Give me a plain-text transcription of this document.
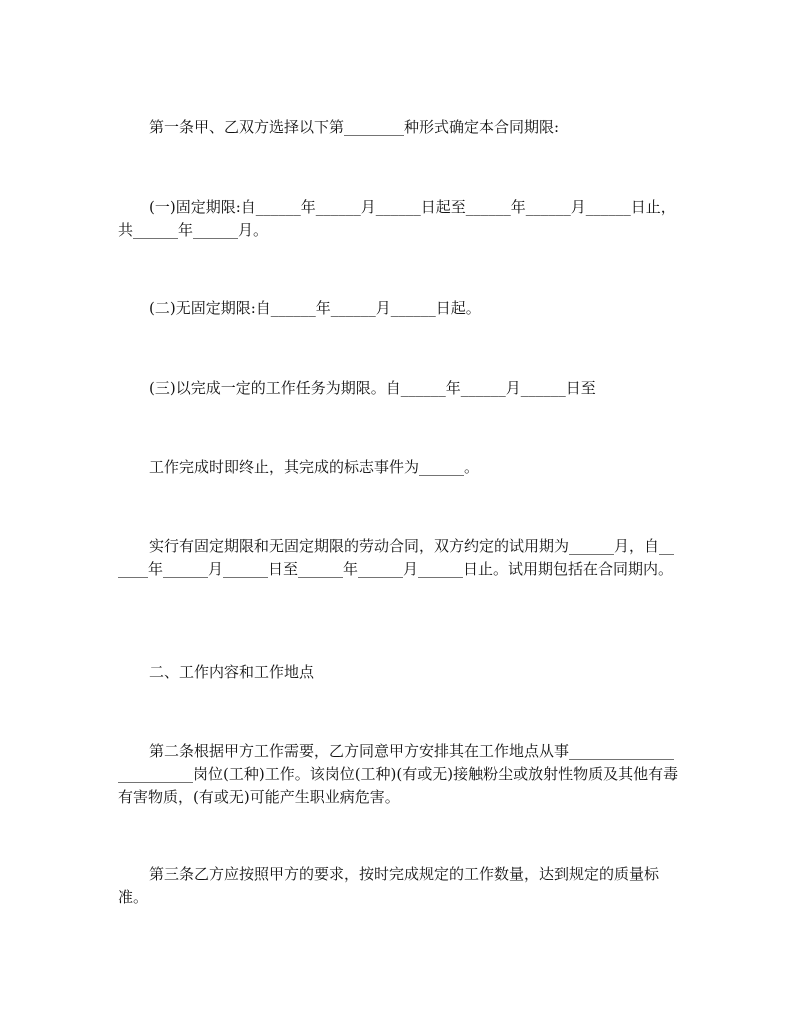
第一条甲、乙双方选择以下第________种形式确定本合同期限:

(一)固定期限:自______年______月______日起至______年______月______日止，共______年______月。

(二)无固定期限:自______年______月______日起。

(三)以完成一定的工作任务为期限。自______年______月______日至

工作完成时即终止，其完成的标志事件为______。

实行有固定期限和无固定期限的劳动合同，双方约定的试用期为______月，自______年______月______日至______年______月______日止。试用期包括在合同期内。

二、工作内容和工作地点

第二条根据甲方工作需要，乙方同意甲方安排其在工作地点从事________________________岗位(工种)工作。该岗位(工种)(有或无)接触粉尘或放射性物质及其他有毒有害物质，(有或无)可能产生职业病危害。

第三条乙方应按照甲方的要求，按时完成规定的工作数量，达到规定的质量标准。
